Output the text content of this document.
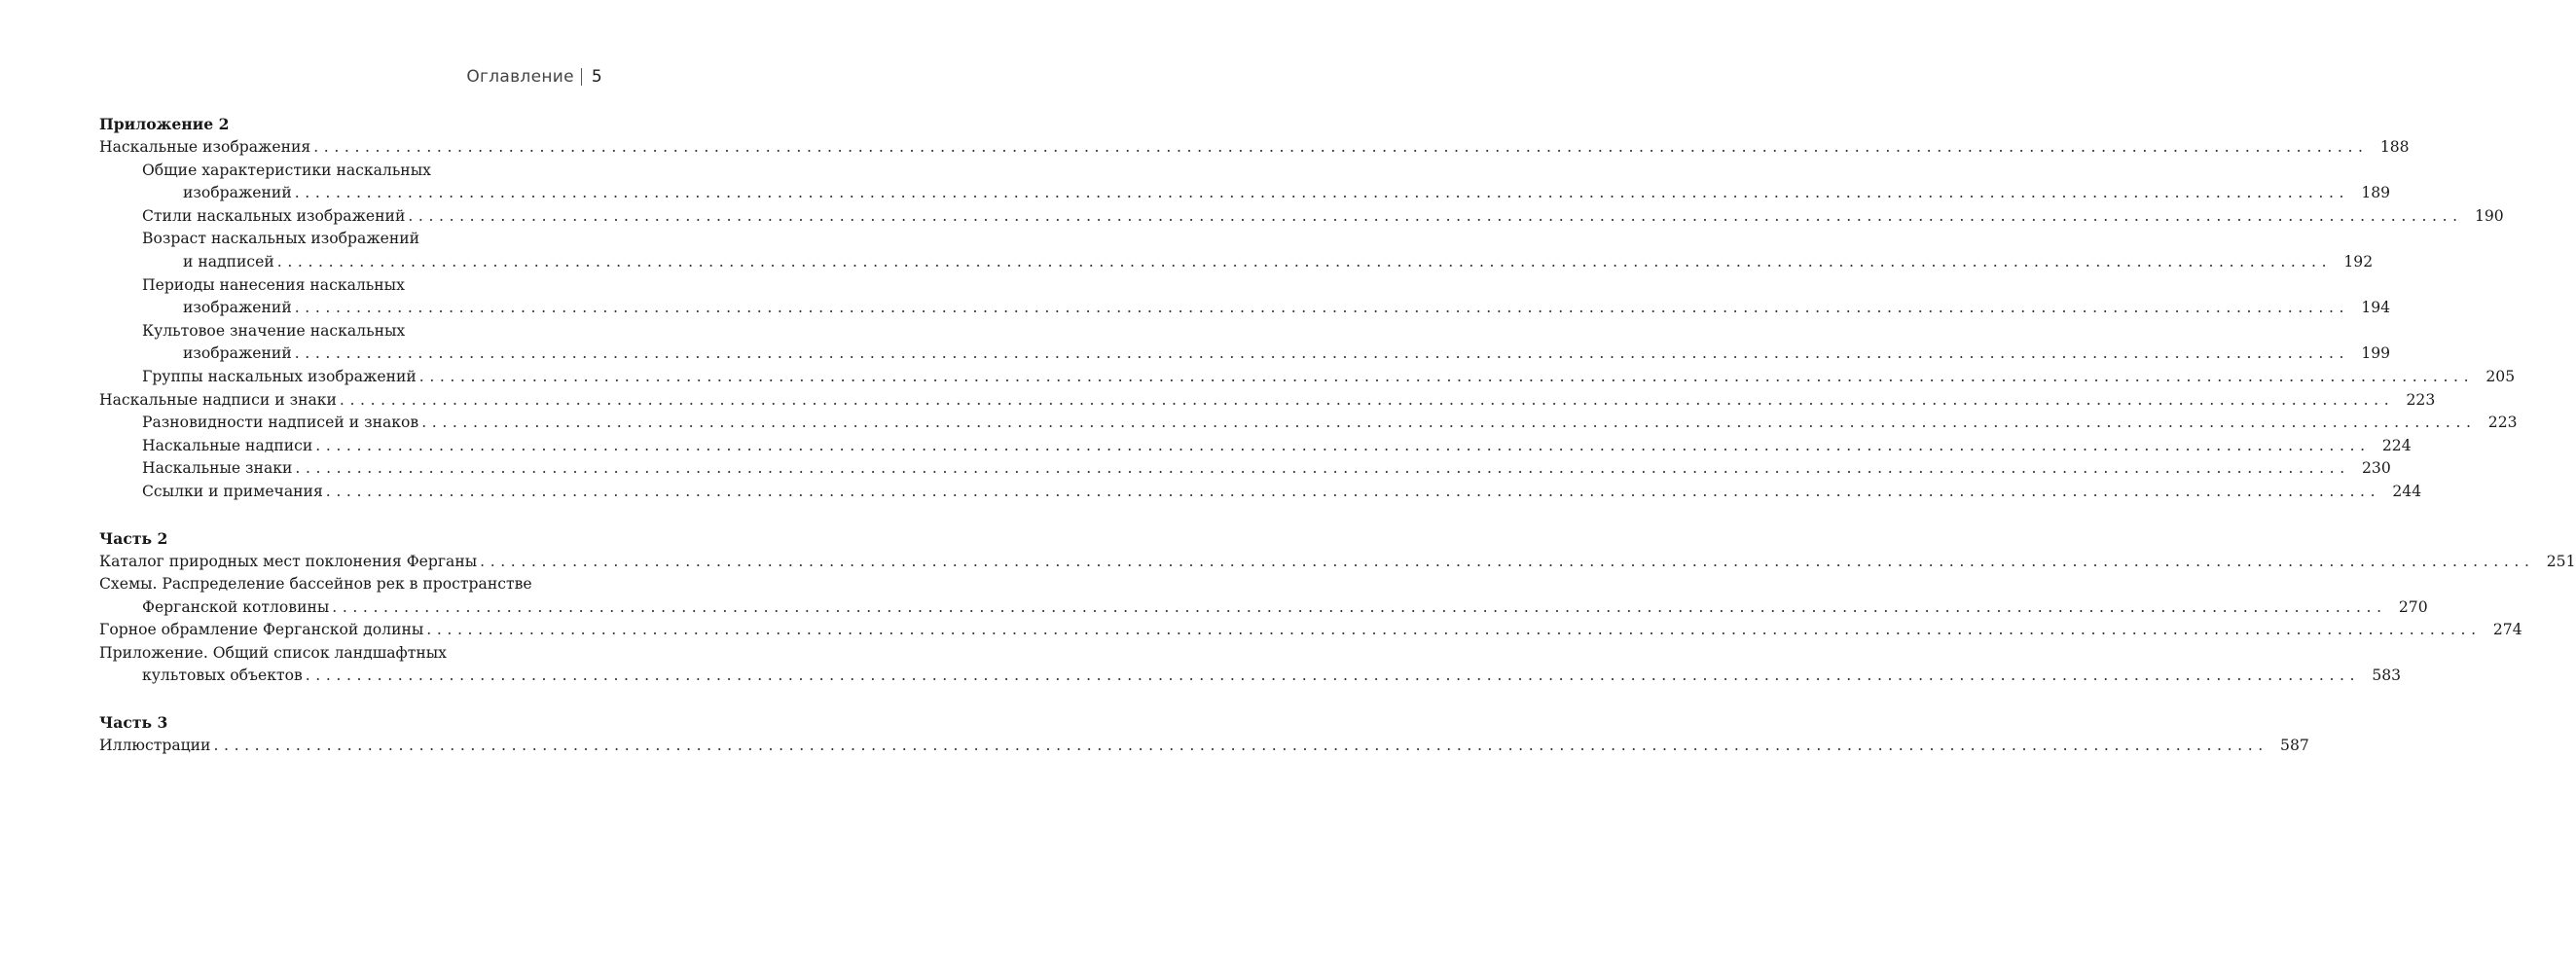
Оглавление 5
Приложение 2
Наскальные изображения ........................................................................................................................................................................................................ 188
Общие характеристики наскальных
изображений ........................................................................................................................................................................................................ 189
Стили наскальных изображений ........................................................................................................................................................................................................ 190
Возраст наскальных изображений
и надписей ........................................................................................................................................................................................................ 192
Периоды нанесения наскальных
изображений ........................................................................................................................................................................................................ 194
Культовое значение наскальных
изображений ........................................................................................................................................................................................................ 199
Группы наскальных изображений ........................................................................................................................................................................................................ 205
Наскальные надписи и знаки ........................................................................................................................................................................................................ 223
Разновидности надписей и знаков ........................................................................................................................................................................................................ 223
Наскальные надписи ........................................................................................................................................................................................................ 224
Наскальные знаки ........................................................................................................................................................................................................ 230
Ссылки и примечания ........................................................................................................................................................................................................ 244
Часть 2
Каталог природных мест поклонения Ферганы ........................................................................................................................................................................................................ 251
Схемы. Распределение бассейнов рек в пространстве
Ферганской котловины ........................................................................................................................................................................................................ 270
Горное обрамление Ферганской долины ........................................................................................................................................................................................................ 274
Приложение. Общий список ландшафтных
культовых объектов ........................................................................................................................................................................................................ 583
Часть 3
Иллюстрации ........................................................................................................................................................................................................ 587
